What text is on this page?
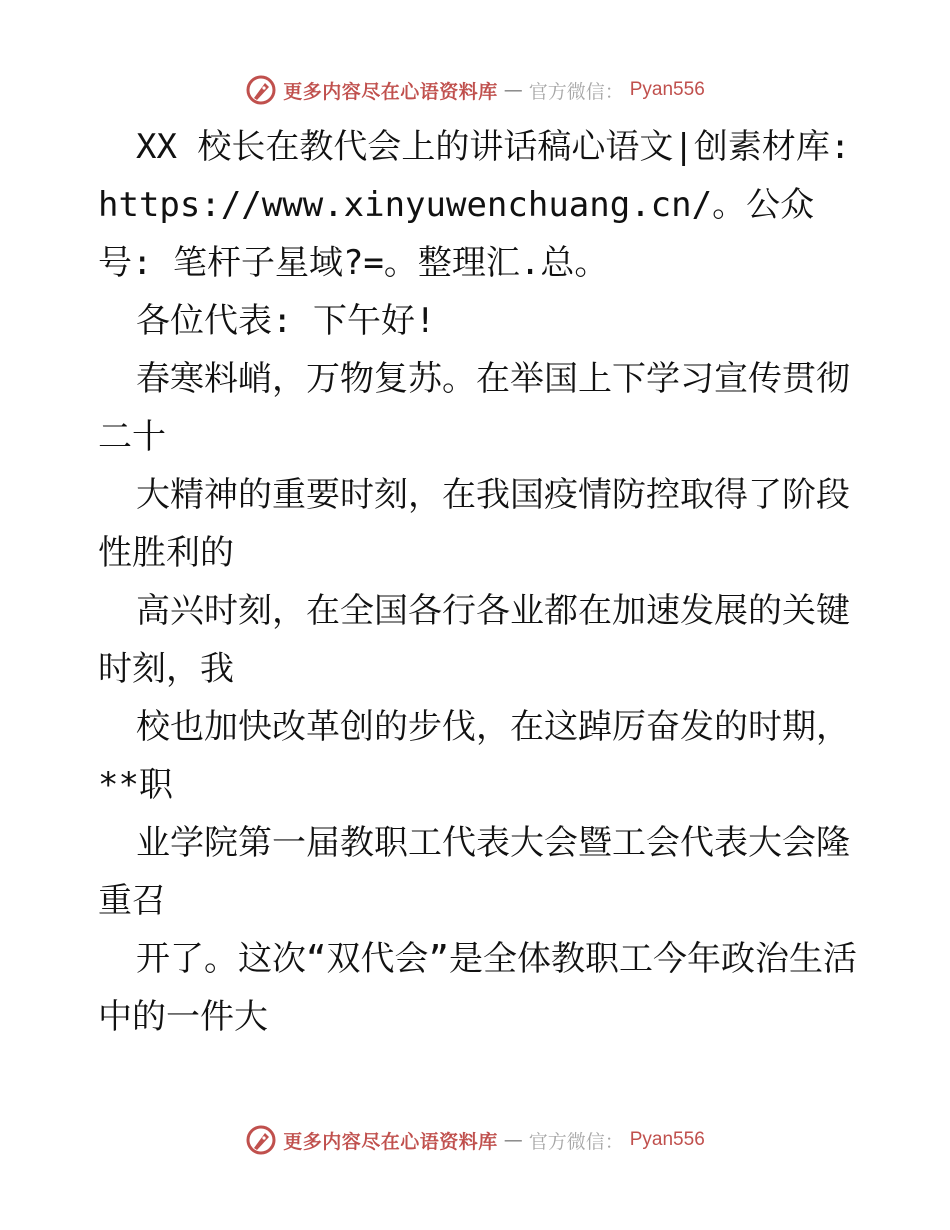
更多内容尽在心语资料库 — 官方微信： Pyan556

XX 校长在教代会上的讲话稿心语文|创素材库: https://www.xinyuwenchuang.cn/。公众号: 笔杆子星域?=。整理汇.总。

各位代表: 下午好!

春寒料峭，万物复苏。在举国上下学习宣传贯彻二十

大精神的重要时刻，在我国疫情防控取得了阶段性胜利的

高兴时刻，在全国各行各业都在加速发展的关键时刻，我

校也加快改革创的步伐，在这踔厉奋发的时期，**职

业学院第一届教职工代表大会暨工会代表大会隆重召

开了。这次“双代会”是全体教职工今年政治生活中的一件大

更多内容尽在心语资料库 — 官方微信： Pyan556
